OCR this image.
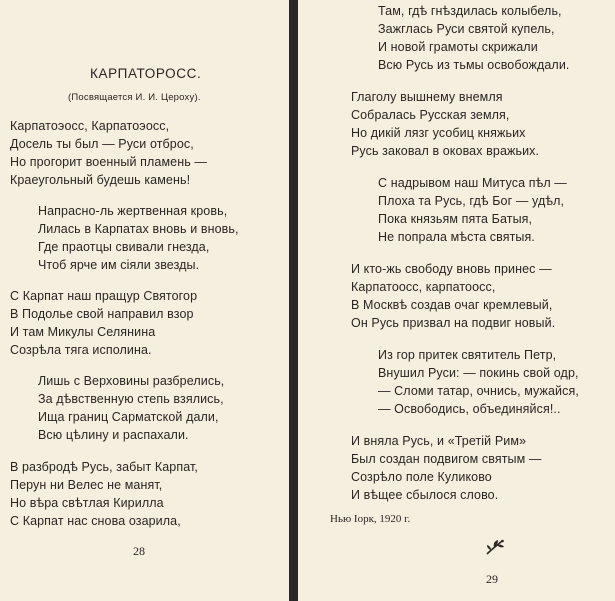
КАРПАТОРОСС.
(Посвящается И. И. Цероху).
Карпатоэосс, Карпатоэосс,
Досель ты был — Руси отброс,
Но прогорит военный пламень —
Краеугольный будешь камень!
Напрасно-ль жертвенная кровь,
Лилась в Карпатах вновь и вновь,
Где праотцы свивали гнезда,
Чтоб ярче им сіяли звезды.
С Карпат наш пращур Святогор
В Подолье свой направил взор
И там Микулы Селянина
Созрѣла тяга исполина.
Лишь с Верховины разбрелись,
За дѣвственную степь взялись,
Ища границ Сарматской дали,
Всю цѣлину и распахали.
В разбродѣ Русь, забыт Карпат,
Перун ни Велес не манят,
Но вѣра свѣтлая Кирилла
С Карпат нас снова озарила,
28
Там, гдѣ гнѣздилась колыбель,
Зажглась Руси святой купель,
И новой грамоты скрижали
Всю Русь из тьмы освобождали.
Глаголу вышнему внемля
Собралась Русская земля,
Но дикій лязг усобиц княжьих
Русь заковал в оковах вражьих.
С надрывом наш Митуса пѣл —
Плоха та Русь, гдѣ Бог — удѣл,
Пока князьям пята Батыя,
Не попрала мѣста святыя.
И кто-жь свободу вновь принес —
Карпатоосс, карпатоосс,
В Москвѣ создав очаг кремлевый,
Он Русь призвал на подвиг новый.
Из гор притек святитель Петр,
Внушил Руси: — покинь свой одр,
— Сломи татар, очнись, мужайся,
— Освободись, объединяйся!..
И вняла Русь, и «Третій Рим»
Был создан подвигом святым —
Созрѣло поле Куликово
И вѣщее сбылося слово.
Нью Iорк, 1920 г.
29
